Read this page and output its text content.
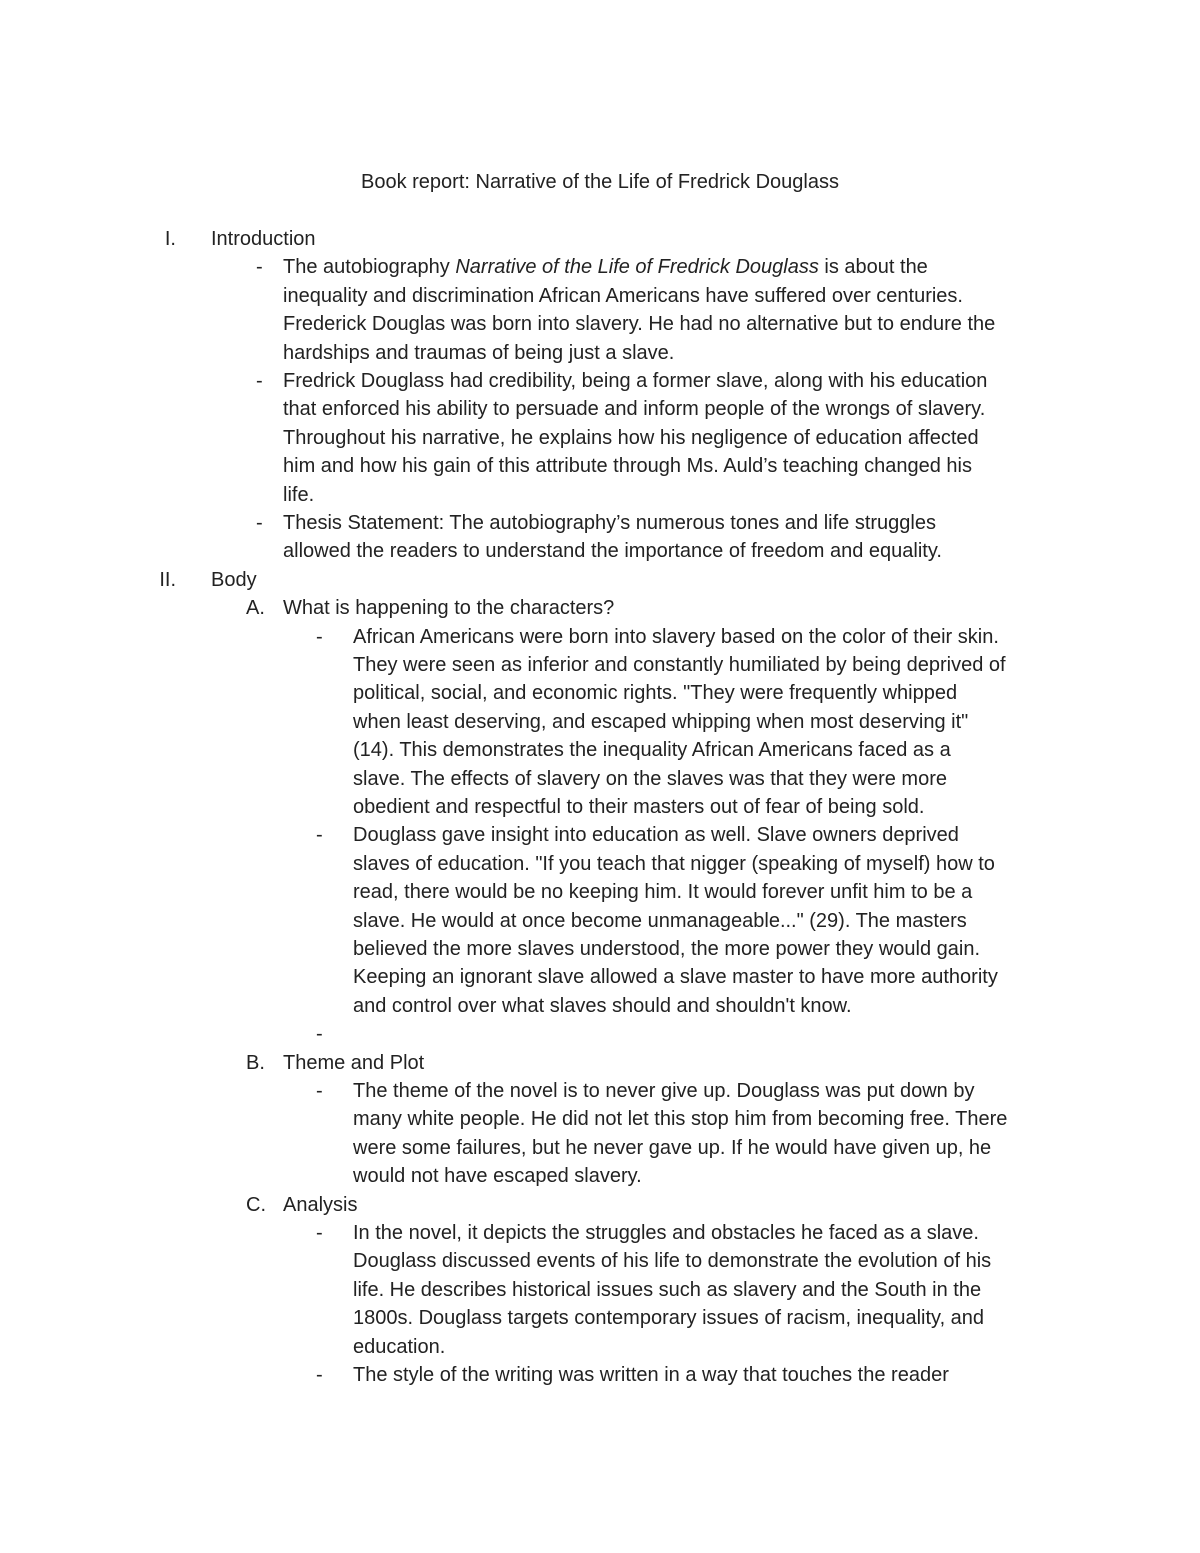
Book report: Narrative of the Life of Fredrick Douglass
I. Introduction
- The autobiography Narrative of the Life of Fredrick Douglass is about the
inequality and discrimination African Americans have suffered over centuries.
Frederick Douglas was born into slavery. He had no alternative but to endure the
hardships and traumas of being just a slave.
- Fredrick Douglass had credibility, being a former slave, along with his education
that enforced his ability to persuade and inform people of the wrongs of slavery.
Throughout his narrative, he explains how his negligence of education affected
him and how his gain of this attribute through Ms. Auld’s teaching changed his
life.
- Thesis Statement: The autobiography’s numerous tones and life struggles
allowed the readers to understand the importance of freedom and equality.
II. Body
A. What is happening to the characters?
- African Americans were born into slavery based on the color of their skin.
They were seen as inferior and constantly humiliated by being deprived of
political, social, and economic rights. "They were frequently whipped
when least deserving, and escaped whipping when most deserving it"
(14). This demonstrates the inequality African Americans faced as a
slave. The effects of slavery on the slaves was that they were more
obedient and respectful to their masters out of fear of being sold.
- Douglass gave insight into education as well. Slave owners deprived
slaves of education. "If you teach that nigger (speaking of myself) how to
read, there would be no keeping him. It would forever unfit him to be a
slave. He would at once become unmanageable..." (29). The masters
believed the more slaves understood, the more power they would gain.
Keeping an ignorant slave allowed a slave master to have more authority
and control over what slaves should and shouldn't know.
-
B. Theme and Plot
- The theme of the novel is to never give up. Douglass was put down by
many white people. He did not let this stop him from becoming free. There
were some failures, but he never gave up. If he would have given up, he
would not have escaped slavery.
C. Analysis
- In the novel, it depicts the struggles and obstacles he faced as a slave.
Douglass discussed events of his life to demonstrate the evolution of his
life. He describes historical issues such as slavery and the South in the
1800s. Douglass targets contemporary issues of racism, inequality, and
education.
- The style of the writing was written in a way that touches the reader
